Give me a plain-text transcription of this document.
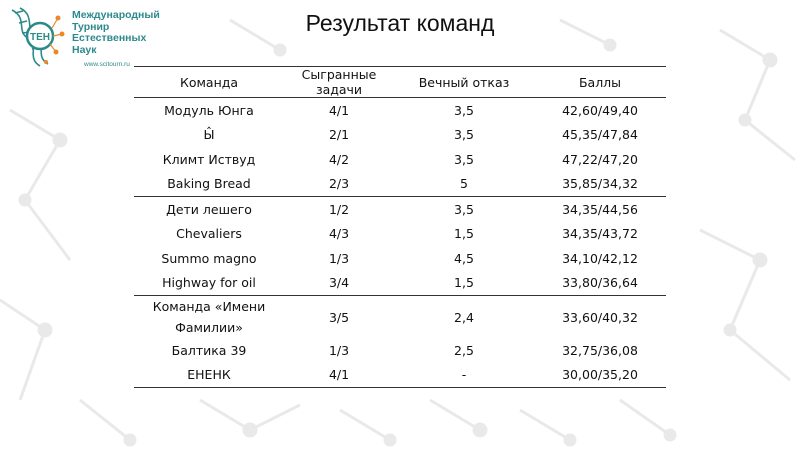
ТЕН
Международный
Турнир
Естественных
Наук
www.scitourn.ru
Результат команд
Команда	Сыгранные задачи	Вечный отказ	Баллы
Модуль Юнга	4/1	3,5	42,60/49,40
Ы̂	2/1	3,5	45,35/47,84
Климт Иствуд	4/2	3,5	47,22/47,20
Baking Bread	2/3	5	35,85/34,32
Дети лешего	1/2	3,5	34,35/44,56
Chevaliers	4/3	1,5	34,35/43,72
Summo magno	1/3	4,5	34,10/42,12
Highway for oil	3/4	1,5	33,80/36,64
Команда «Имени Фамилии»	3/5	2,4	33,60/40,32
Балтика 39	1/3	2,5	32,75/36,08
ЕНЕНК	4/1	-	30,00/35,20
